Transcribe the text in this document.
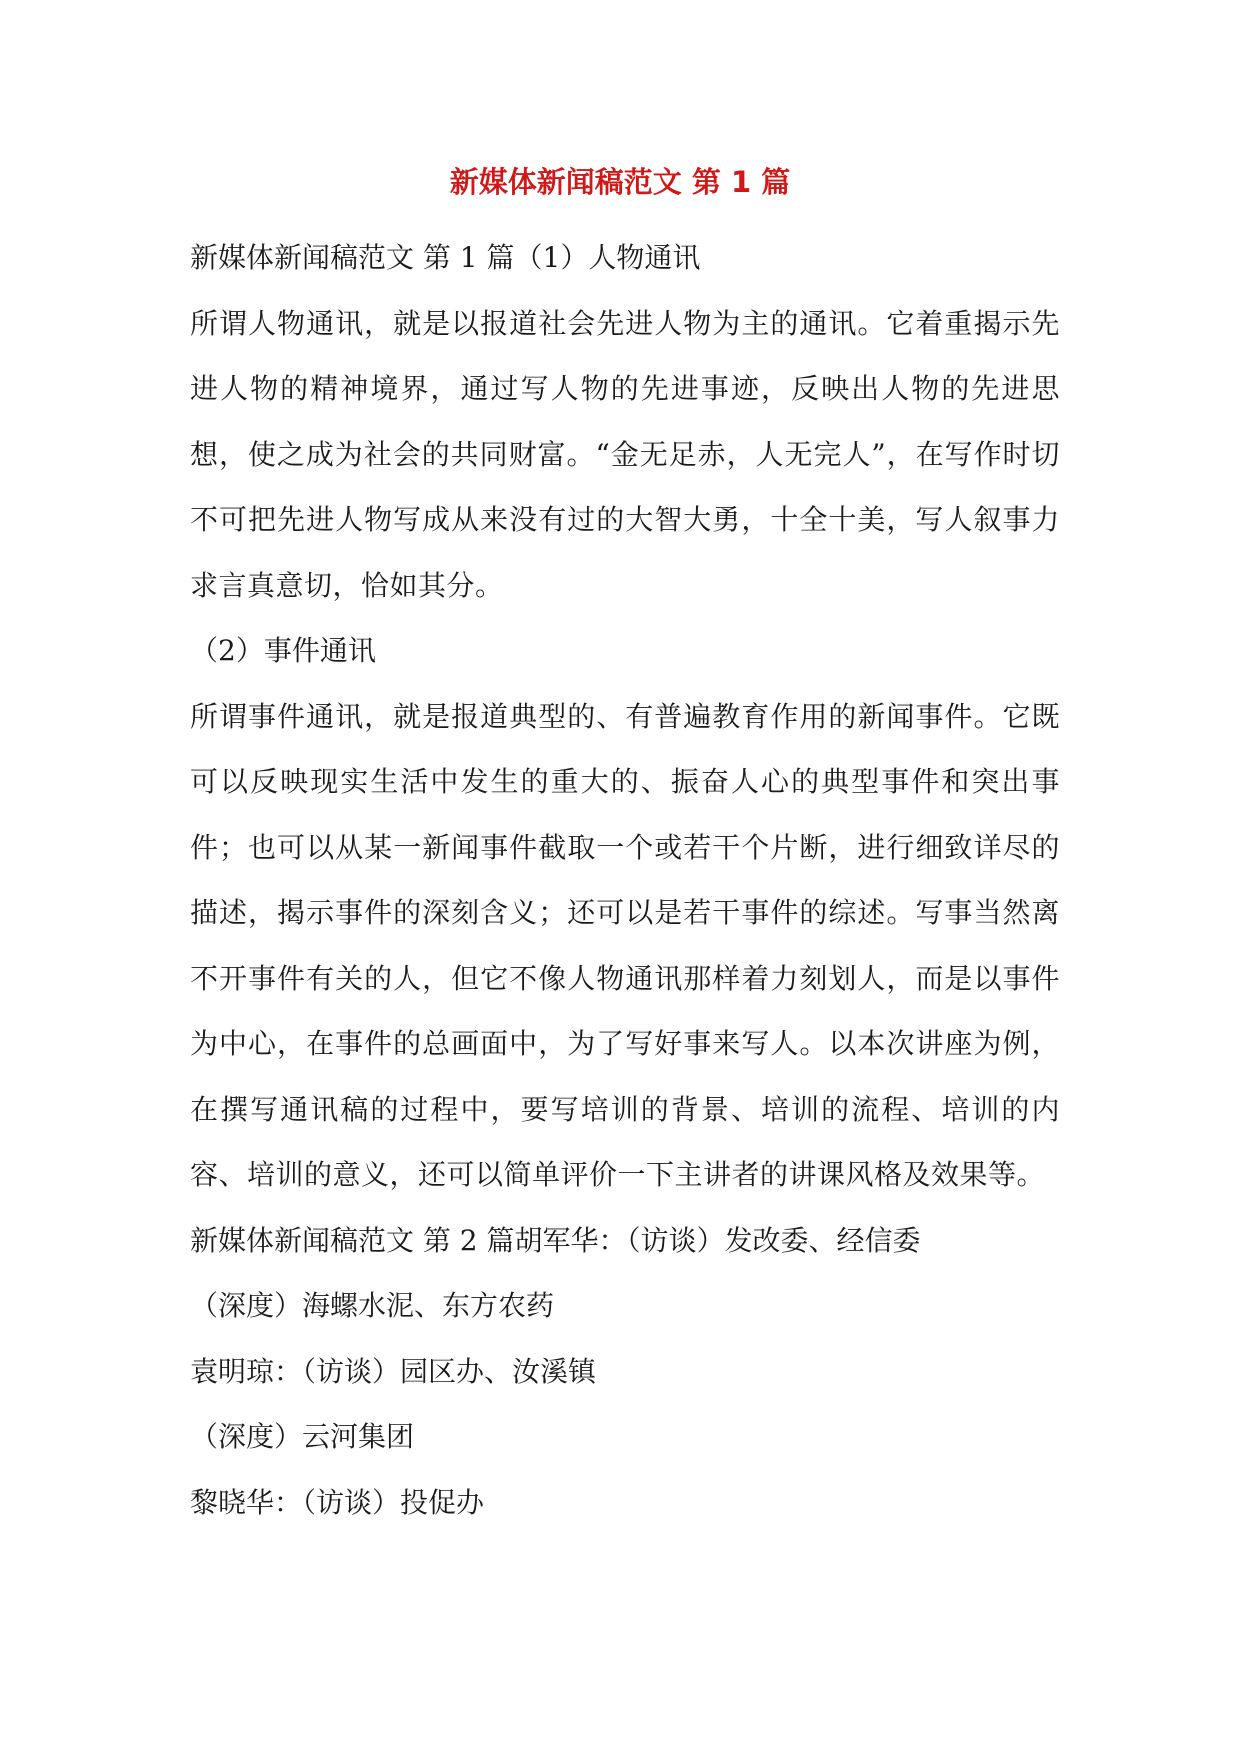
新媒体新闻稿范文 第 1 篇

新媒体新闻稿范文 第 1 篇（1）人物通讯

所谓人物通讯，就是以报道社会先进人物为主的通讯。它着重揭示先进人物的精神境界，通过写人物的先进事迹，反映出人物的先进思想，使之成为社会的共同财富。“金无足赤，人无完人”，在写作时切不可把先进人物写成从来没有过的大智大勇，十全十美，写人叙事力求言真意切，恰如其分。

（2）事件通讯

所谓事件通讯，就是报道典型的、有普遍教育作用的新闻事件。它既可以反映现实生活中发生的重大的、振奋人心的典型事件和突出事件；也可以从某一新闻事件截取一个或若干个片断，进行细致详尽的描述，揭示事件的深刻含义；还可以是若干事件的综述。写事当然离不开事件有关的人，但它不像人物通讯那样着力刻划人，而是以事件为中心，在事件的总画面中，为了写好事来写人。以本次讲座为例，在撰写通讯稿的过程中，要写培训的背景、培训的流程、培训的内容、培训的意义，还可以简单评价一下主讲者的讲课风格及效果等。

新媒体新闻稿范文 第 2 篇胡军华：（访谈）发改委、经信委

（深度）海螺水泥、东方农药

袁明琼：（访谈）园区办、汝溪镇

（深度）云河集团

黎晓华：（访谈）投促办
